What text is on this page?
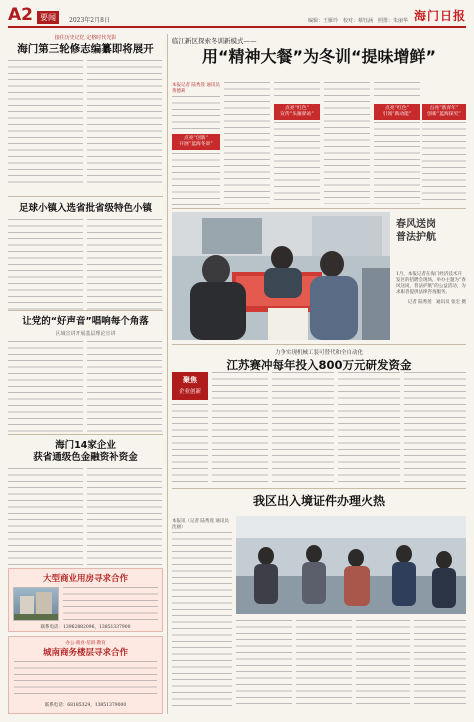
A2 要闻	2023年2月8日	编辑：王雁玲　校对：蔡钰涵　照排：朱丽华 海门日报
接住历史记忆 定格时代光影
海门第三轮修志编纂即将展开
足球小镇入选省批省级特色小镇
让党的“好声音”唱响每个角落
区域宣讲开展基层理论宣讲
海门14家企业
获省通级色金融资补资金
大型商业用房寻求合作
联系电话：13962882096，13851337900
办公·商业·培训·教育
城南商务楼层寻求合作
联系电话：68185329，13851379000
临江新区探索冬训新模式——
用“精神大餐”为冬训“提味增鲜”
本报记者 陆秀莲 通讯员 黄德莉
点亮“创新”
开展“蓝海冬训”
点亮“红色”
宣传“头雁驿站”
点亮“红色”
引领“新动能”
点亮“新青年”
创新“蓝海探究”
春风送岗
普法护航
1月，本报记者在海门经济技术开发区的招聘会现场，举办主题为“春风送岗，普法护航”的公益活动，为求职者提供法律咨询服务。
记者 陆秀莲　通讯员 张宏 摄
力争实现机械工装可替代和全自动化
江苏赛冲每年投入800万元研发资金
聚焦
企业创新
我区出入境证件办理火热
本报讯（记者 陆秀莲 通讯员 沈丽）
